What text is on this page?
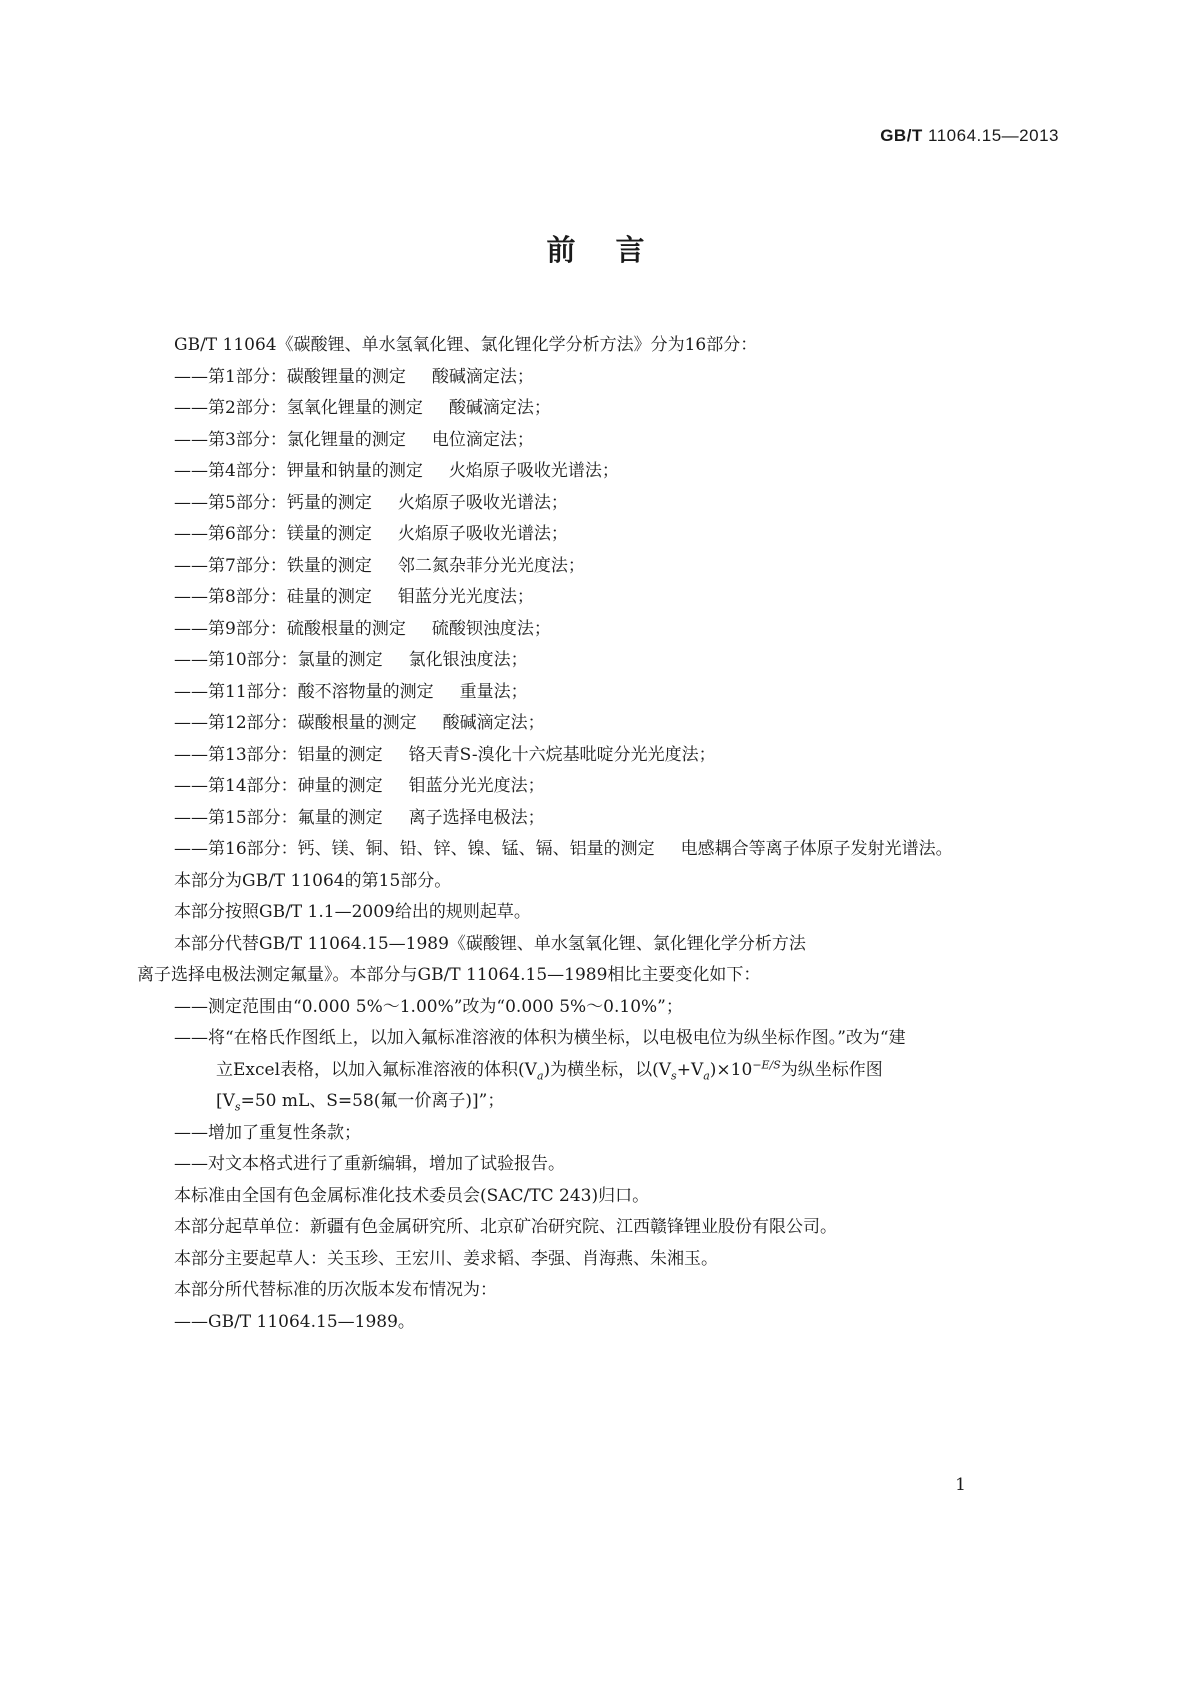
GB/T 11064.15—2013
前言

GB/T 11064《碳酸锂、单水氢氧化锂、氯化锂化学分析方法》分为16部分：

——第1部分：碳酸锂量的测定 酸碱滴定法；

——第2部分：氢氧化锂量的测定 酸碱滴定法；

——第3部分：氯化锂量的测定 电位滴定法；

——第4部分：钾量和钠量的测定 火焰原子吸收光谱法；

——第5部分：钙量的测定 火焰原子吸收光谱法；

——第6部分：镁量的测定 火焰原子吸收光谱法；

——第7部分：铁量的测定 邻二氮杂菲分光光度法；

——第8部分：硅量的测定 钼蓝分光光度法；

——第9部分：硫酸根量的测定 硫酸钡浊度法；

——第10部分：氯量的测定 氯化银浊度法；

——第11部分：酸不溶物量的测定 重量法；

——第12部分：碳酸根量的测定 酸碱滴定法；

——第13部分：铝量的测定 铬天青S-溴化十六烷基吡啶分光光度法；

——第14部分：砷量的测定 钼蓝分光光度法；

——第15部分：氟量的测定 离子选择电极法；

——第16部分：钙、镁、铜、铅、锌、镍、锰、镉、铝量的测定 电感耦合等离子体原子发射光谱法。

本部分为GB/T 11064的第15部分。

本部分按照GB/T 1.1—2009给出的规则起草。

本部分代替GB/T 11064.15—1989《碳酸锂、单水氢氧化锂、氯化锂化学分析方法

离子选择电极法测定氟量》。本部分与GB/T 11064.15—1989相比主要变化如下：

——测定范围由“0.000 5%～1.00%”改为“0.000 5%～0.10%”；

——将“在格氏作图纸上，以加入氟标准溶液的体积为横坐标，以电极电位为纵坐标作图。”改为“建

立Excel表格，以加入氟标准溶液的体积$(V_a)$为横坐标，以$(V_s+V_a)\times 10^{-E/S}$为纵坐标作图

[$V_s=50$ mL、S=58(氟一价离子)]”；

——增加了重复性条款；

——对文本格式进行了重新编辑，增加了试验报告。

本标准由全国有色金属标准化技术委员会(SAC/TC 243)归口。

本部分起草单位：新疆有色金属研究所、北京矿冶研究院、江西赣锋锂业股份有限公司。

本部分主要起草人：关玉珍、王宏川、姜求韬、李强、肖海燕、朱湘玉。

本部分所代替标准的历次版本发布情况为：

——GB/T 11064.15—1989。

1
